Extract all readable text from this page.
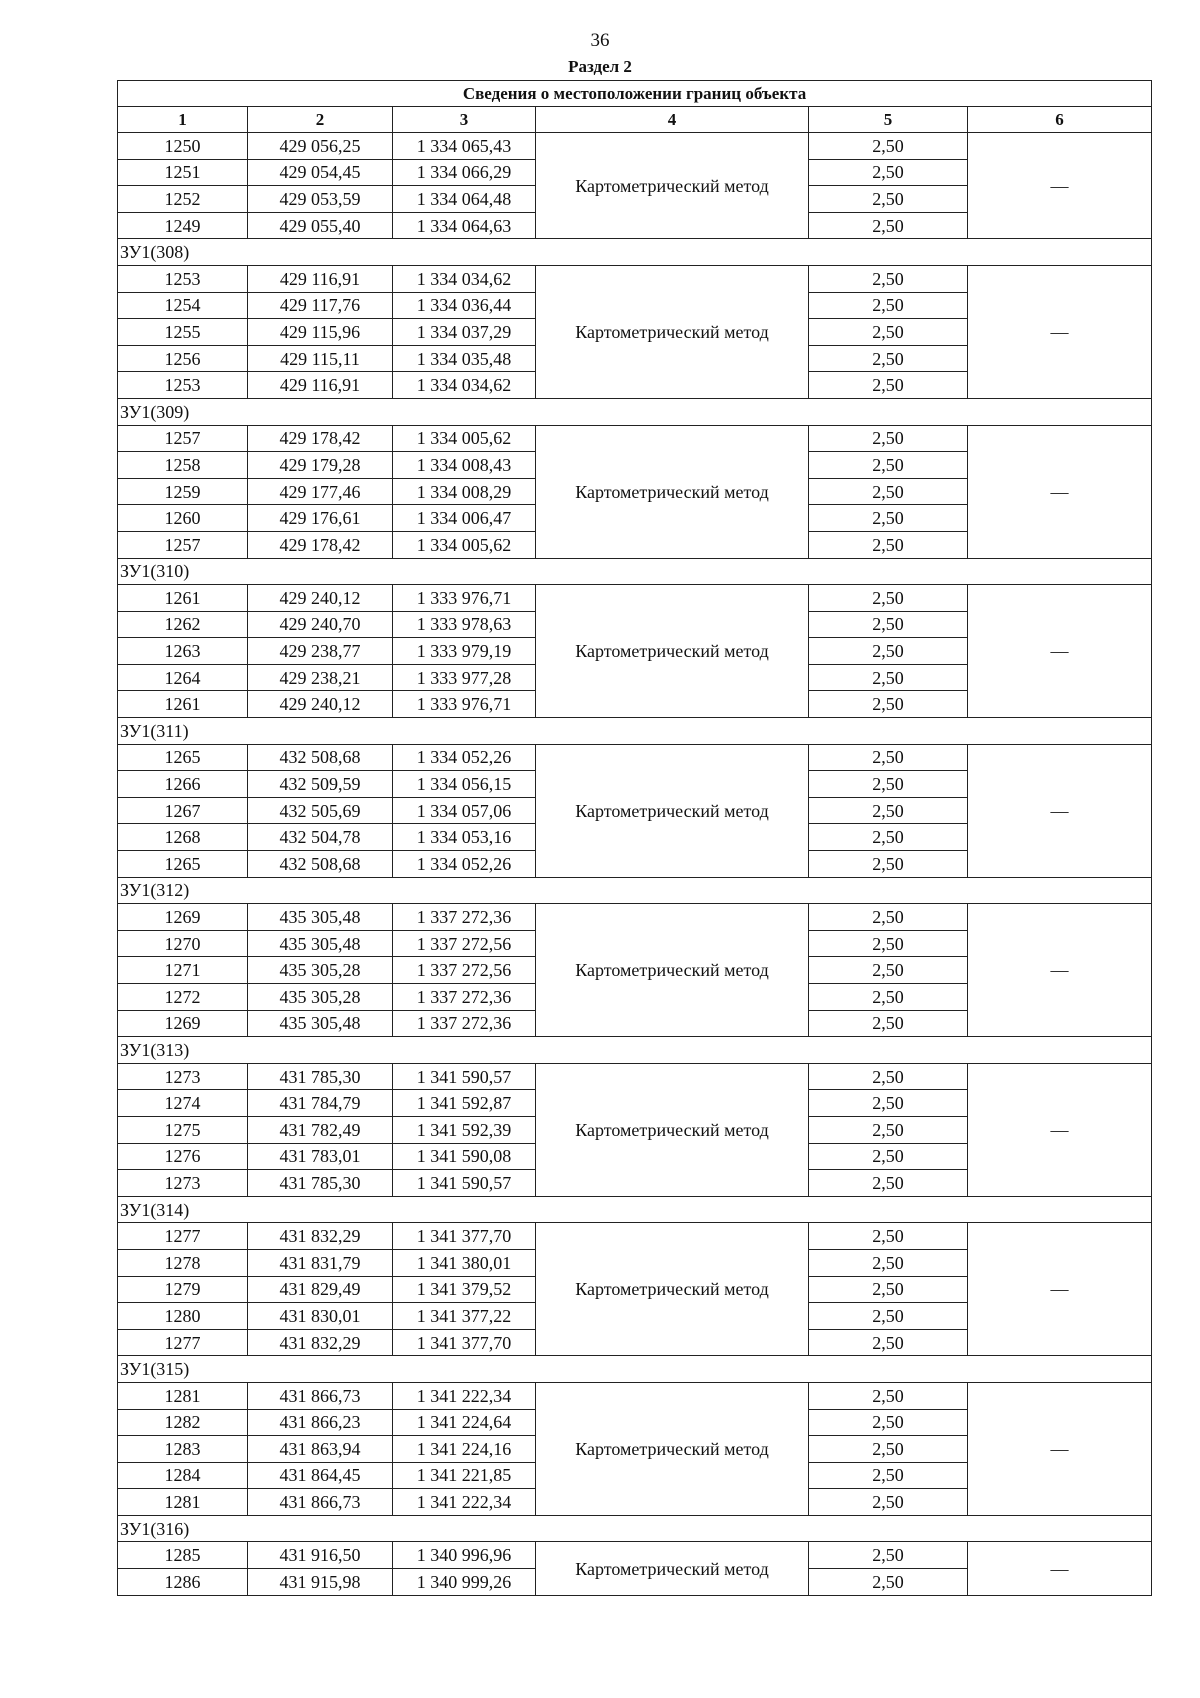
36
Раздел 2
Сведения о местоположении границ объекта					
1	2	3	4	5	6
1250	429 056,25	1 334 065,43	Картометрический метод	2,50	—
1251	429 054,45	1 334 066,29		2,50	
1252	429 053,59	1 334 064,48		2,50	
1249	429 055,40	1 334 064,63		2,50	
ЗУ1(308)					
1253	429 116,91	1 334 034,62	Картометрический метод	2,50	—
1254	429 117,76	1 334 036,44		2,50	
1255	429 115,96	1 334 037,29		2,50	
1256	429 115,11	1 334 035,48		2,50	
1253	429 116,91	1 334 034,62		2,50	
ЗУ1(309)					
1257	429 178,42	1 334 005,62	Картометрический метод	2,50	—
1258	429 179,28	1 334 008,43		2,50	
1259	429 177,46	1 334 008,29		2,50	
1260	429 176,61	1 334 006,47		2,50	
1257	429 178,42	1 334 005,62		2,50	
ЗУ1(310)					
1261	429 240,12	1 333 976,71	Картометрический метод	2,50	—
1262	429 240,70	1 333 978,63		2,50	
1263	429 238,77	1 333 979,19		2,50	
1264	429 238,21	1 333 977,28		2,50	
1261	429 240,12	1 333 976,71		2,50	
ЗУ1(311)					
1265	432 508,68	1 334 052,26	Картометрический метод	2,50	—
1266	432 509,59	1 334 056,15		2,50	
1267	432 505,69	1 334 057,06		2,50	
1268	432 504,78	1 334 053,16		2,50	
1265	432 508,68	1 334 052,26		2,50	
ЗУ1(312)					
1269	435 305,48	1 337 272,36	Картометрический метод	2,50	—
1270	435 305,48	1 337 272,56		2,50	
1271	435 305,28	1 337 272,56		2,50	
1272	435 305,28	1 337 272,36		2,50	
1269	435 305,48	1 337 272,36		2,50	
ЗУ1(313)					
1273	431 785,30	1 341 590,57	Картометрический метод	2,50	—
1274	431 784,79	1 341 592,87		2,50	
1275	431 782,49	1 341 592,39		2,50	
1276	431 783,01	1 341 590,08		2,50	
1273	431 785,30	1 341 590,57		2,50	
ЗУ1(314)					
1277	431 832,29	1 341 377,70	Картометрический метод	2,50	—
1278	431 831,79	1 341 380,01		2,50	
1279	431 829,49	1 341 379,52		2,50	
1280	431 830,01	1 341 377,22		2,50	
1277	431 832,29	1 341 377,70		2,50	
ЗУ1(315)					
1281	431 866,73	1 341 222,34	Картометрический метод	2,50	—
1282	431 866,23	1 341 224,64		2,50	
1283	431 863,94	1 341 224,16		2,50	
1284	431 864,45	1 341 221,85		2,50	
1281	431 866,73	1 341 222,34		2,50	
ЗУ1(316)					
1285	431 916,50	1 340 996,96	Картометрический метод	2,50	—
1286	431 915,98	1 340 999,26		2,50	
